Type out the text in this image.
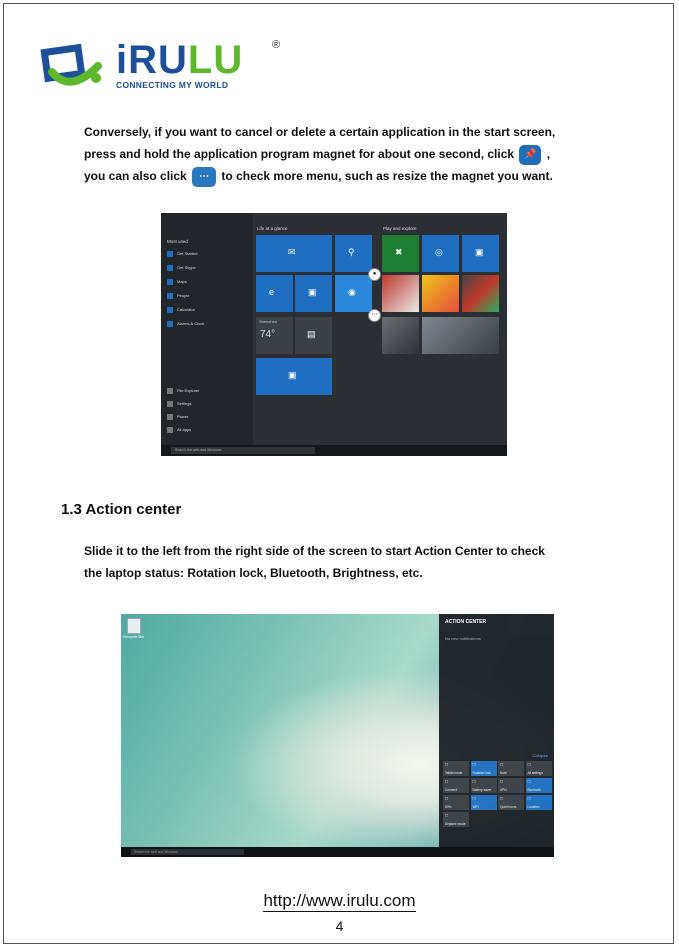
iRULU	®
CONNECTING MY WORLD
Conversely, if you want to cancel or delete a certain application in the start screen,
press and hold the application program magnet for about one second, click 📌 ,
you can also click ⋯ to check more menu, such as resize the magnet you want.
Most used
Get Started
Get Skype
Maps
People
Calculator
Alarms & Clock
File Explorer
Settings
Power
All apps
Life at a glance	Play and explore
✉	⚲
e	▣	◉
Shenzhen
74°	▤
▣
✖	◎	▣
●
⋯
Search the web and Windows
1.3 Action center
Slide it to the left from the right side of the screen to start Action Center to check
the laptop status: Rotation lock, Bluetooth, Brightness, etc.
Recycle Bin
ACTION CENTER
No new notifications
Collapse
□
Tablet mode
□
Rotation lock
□
Note
□
All settings
□
Connect
□
Battery saver
□
VPN
□
Bluetooth
□
50%
□
WiFi
□
Quiet hours
□
Location
□
Airplane mode
Search the web and Windows
http://www.irulu.com
4
